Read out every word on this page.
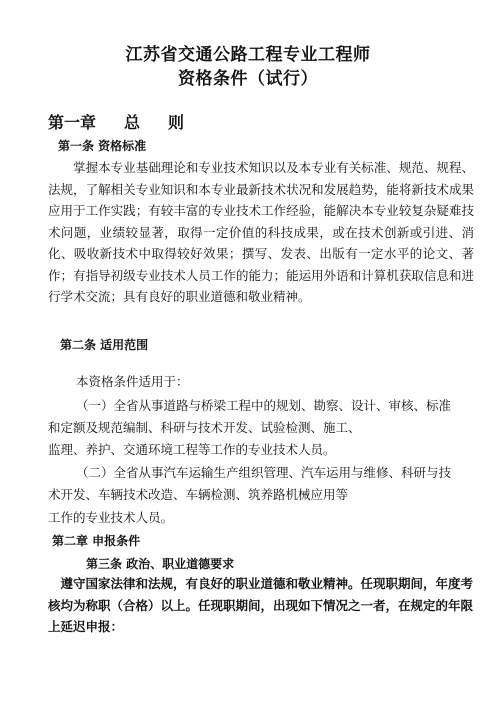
江苏省交通公路工程专业工程师
资格条件（试行）
第一章 总 则
第一条 资格标准
　　掌握本专业基础理论和专业技术知识以及本专业有关标准、规范、规程、法规，了解相关专业知识和本专业最新技术状况和发展趋势，能将新技术成果应用于工作实践；有较丰富的专业技术工作经验，能解决本专业较复杂疑难技术问题，业绩较显著，取得一定价值的科技成果，或在技术创新或引进、消化、吸收新技术中取得较好效果；撰写、发表、出版有一定水平的论文、著作；有指导初级专业技术人员工作的能力；能运用外语和计算机获取信息和进行学术交流；具有良好的职业道德和敬业精神。
第二条 适用范围
本资格条件适用于：
（一）全省从事道路与桥梁工程中的规划、勘察、设计、审核、标准
和定额及规范编制、科研与技术开发、试验检测、施工、
监理、养护、交通环境工程等工作的专业技术人员。
（二）全省从事汽车运输生产组织管理、汽车运用与维修、科研与技
术开发、车辆技术改造、车辆检测、筑养路机械应用等
工作的专业技术人员。
第二章 申报条件
第三条 政治、职业道德要求
　遵守国家法律和法规，有良好的职业道德和敬业精神。任现职期间，年度考核均为称职（合格）以上。任现职期间，出现如下情况之一者，在规定的年限上延迟申报：
